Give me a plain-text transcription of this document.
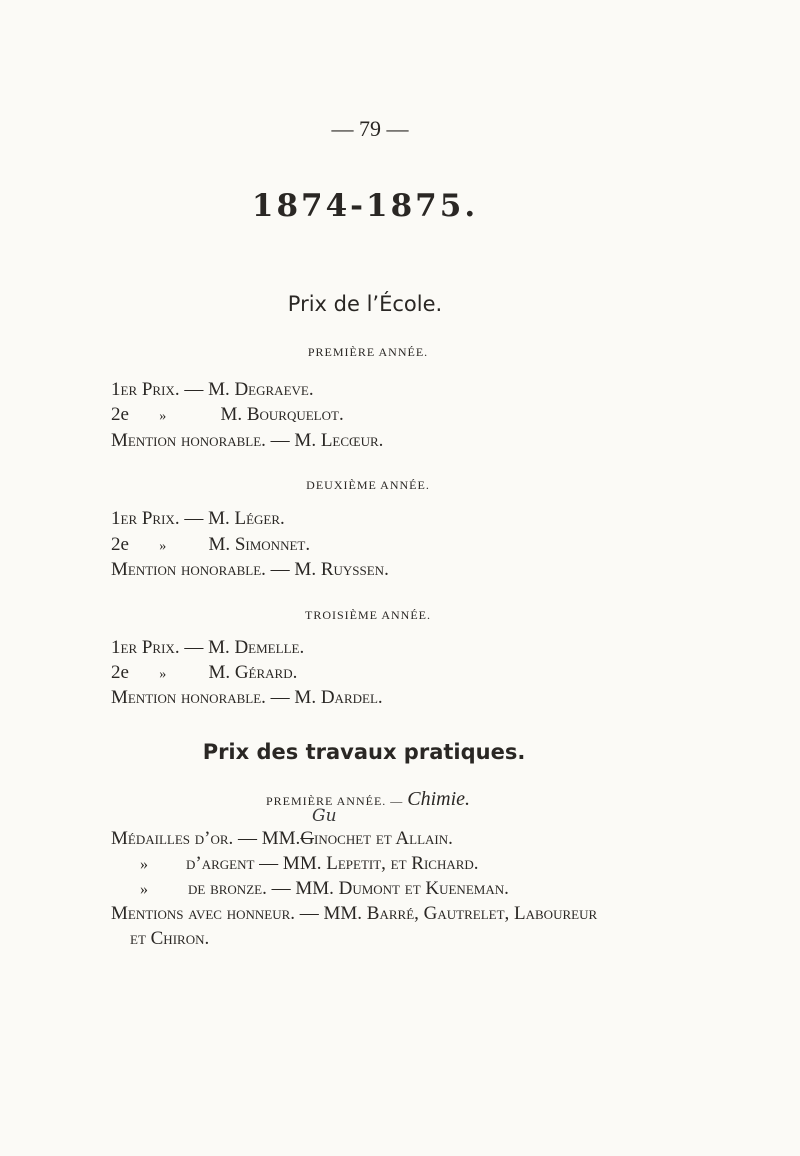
— 79 —
1874-1875.
Prix de l’École.
PREMIÈRE ANNÉE.
1er Prix. — M. Degraeve.
2e »	M. Bourquelot.
Mention honorable. — M. Lecœur.
DEUXIÈME ANNÉE.
1er Prix. — M. Léger.
2e » M. Simonnet.
Mention honorable. — M. Ruyssen.
TROISIÈME ANNÉE.
1er Prix. — M. Demelle.
2e » M. Gérard.
Mention honorable. — M. Dardel.
Prix des travaux pratiques.
PREMIÈRE ANNÉE. — Chimie.
Gu
Médailles d’or. — MM.Ginochet et Allain.
» d’argent — MM. Lepetit, et Richard.
» de bronze. — MM. Dumont et Kueneman.
Mentions avec honneur. — MM. Barré, Gautrelet, Laboureur
et Chiron.
